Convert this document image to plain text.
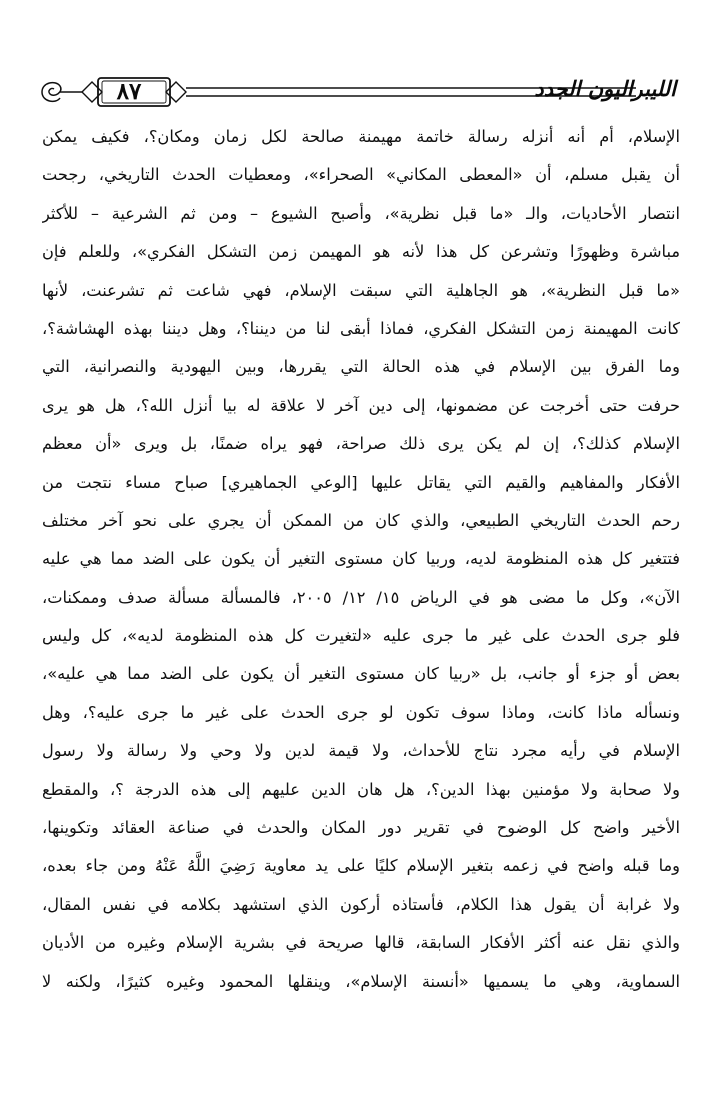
٨٧	الليبراليون الجدد
الإسلام، أم أنه أنزله رسالة خاتمة مهيمنة صالحة لكل زمان ومكان؟، فكيف يمكن
أن يقبل مسلم، أن «المعطى المكاني» الصحراء»، ومعطيات الحدث التاريخي، رجحت
انتصار الأحاديات، والـ «ما قبل نظرية»، وأصبح الشيوع – ومن ثم الشرعية – للأكثر
مباشرة وظهورًا وتشرعن كل هذا لأنه هو المهيمن زمن التشكل الفكري»، وللعلم فإن
«ما قبل النظرية»، هو الجاهلية التي سبقت الإسلام، فهي شاعت ثم تشرعنت، لأنها
كانت المهيمنة زمن التشكل الفكري، فماذا أبقى لنا من ديننا؟، وهل ديننا بهذه الهشاشة؟،
وما الفرق بين الإسلام في هذه الحالة التي يقررها، وبين اليهودية والنصرانية، التي
حرفت حتى أخرجت عن مضمونها، إلى دين آخر لا علاقة له بيا أنزل الله؟، هل هو يرى
الإسلام كذلك؟، إن لم يكن يرى ذلك صراحة، فهو يراه ضمنًا، بل ويرى «أن معظم
الأفكار والمفاهيم والقيم التي يقاتل عليها [الوعي الجماهيري] صباح مساء نتجت من
رحم الحدث التاريخي الطبيعي، والذي كان من الممكن أن يجري على نحو آخر مختلف
فتتغير كل هذه المنظومة لديه، وربيا كان مستوى التغير أن يكون على الضد مما هي عليه
الآن»، وكل ما مضى هو في الرياض ١٥/ ١٢/ ٢٠٠٥، فالمسألة مسألة صدف وممكنات،
فلو جرى الحدث على غير ما جرى عليه «لتغيرت كل هذه المنظومة لديه»، كل وليس
بعض أو جزء أو جانب، بل «ربيا كان مستوى التغير أن يكون على الضد مما هي عليه»،
ونسأله ماذا كانت، وماذا سوف تكون لو جرى الحدث على غير ما جرى عليه؟، وهل
الإسلام في رأيه مجرد نتاج للأحداث، ولا قيمة لدين ولا وحي ولا رسالة ولا رسول
ولا صحابة ولا مؤمنين بهذا الدين؟، هل هان الدين عليهم إلى هذه الدرجة ؟، والمقطع
الأخير واضح كل الوضوح في تقرير دور المكان والحدث في صناعة العقائد وتكوينها،
وما قبله واضح في زعمه بتغير الإسلام كليًا على يد معاوية رَضِيَ اللَّهُ عَنْهُ ومن جاء بعده،
ولا غرابة أن يقول هذا الكلام، فأستاذه أركون الذي استشهد بكلامه في نفس المقال،
والذي نقل عنه أكثر الأفكار السابقة، قالها صريحة في بشرية الإسلام وغيره من الأديان
السماوية، وهي ما يسميها «أنسنة الإسلام»، وينقلها المحمود وغيره كثيرًا، ولكنه لا
